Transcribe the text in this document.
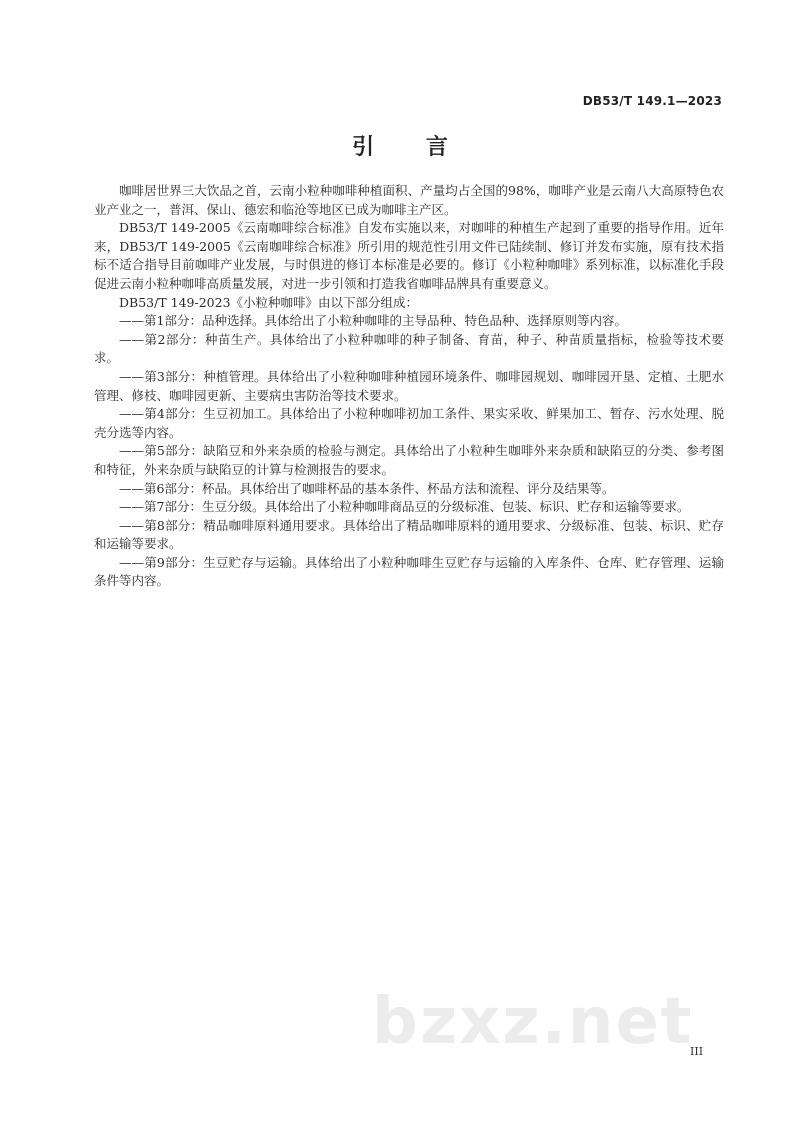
DB53/T 149.1—2023
引 言

咖啡居世界三大饮品之首，云南小粒种咖啡种植面积、产量均占全国的98%，咖啡产业是云南八大高原特色农业产业之一，普洱、保山、德宏和临沧等地区已成为咖啡主产区。

DB53/T 149-2005《云南咖啡综合标准》自发布实施以来，对咖啡的种植生产起到了重要的指导作用。近年来，DB53/T 149-2005《云南咖啡综合标准》所引用的规范性引用文件已陆续制、修订并发布实施，原有技术指标不适合指导目前咖啡产业发展，与时俱进的修订本标准是必要的。修订《小粒种咖啡》系列标准，以标准化手段促进云南小粒种咖啡高质量发展，对进一步引领和打造我省咖啡品牌具有重要意义。

DB53/T 149-2023《小粒种咖啡》由以下部分组成：

——第1部分：品种选择。具体给出了小粒种咖啡的主导品种、特色品种、选择原则等内容。

——第2部分：种苗生产。具体给出了小粒种咖啡的种子制备、育苗，种子、种苗质量指标，检验等技术要求。

——第3部分：种植管理。具体给出了小粒种咖啡种植园环境条件、咖啡园规划、咖啡园开垦、定植、土肥水管理、修枝、咖啡园更新、主要病虫害防治等技术要求。

——第4部分：生豆初加工。具体给出了小粒种咖啡初加工条件、果实采收、鲜果加工、暂存、污水处理、脱壳分选等内容。

——第5部分：缺陷豆和外来杂质的检验与测定。具体给出了小粒种生咖啡外来杂质和缺陷豆的分类、参考图和特征，外来杂质与缺陷豆的计算与检测报告的要求。

——第6部分：杯品。具体给出了咖啡杯品的基本条件、杯品方法和流程、评分及结果等。

——第7部分：生豆分级。具体给出了小粒种咖啡商品豆的分级标准、包装、标识、贮存和运输等要求。

——第8部分：精品咖啡原料通用要求。具体给出了精品咖啡原料的通用要求、分级标准、包装、标识、贮存和运输等要求。

——第9部分：生豆贮存与运输。具体给出了小粒种咖啡生豆贮存与运输的入库条件、仓库、贮存管理、运输条件等内容。

bzxz.net
III
